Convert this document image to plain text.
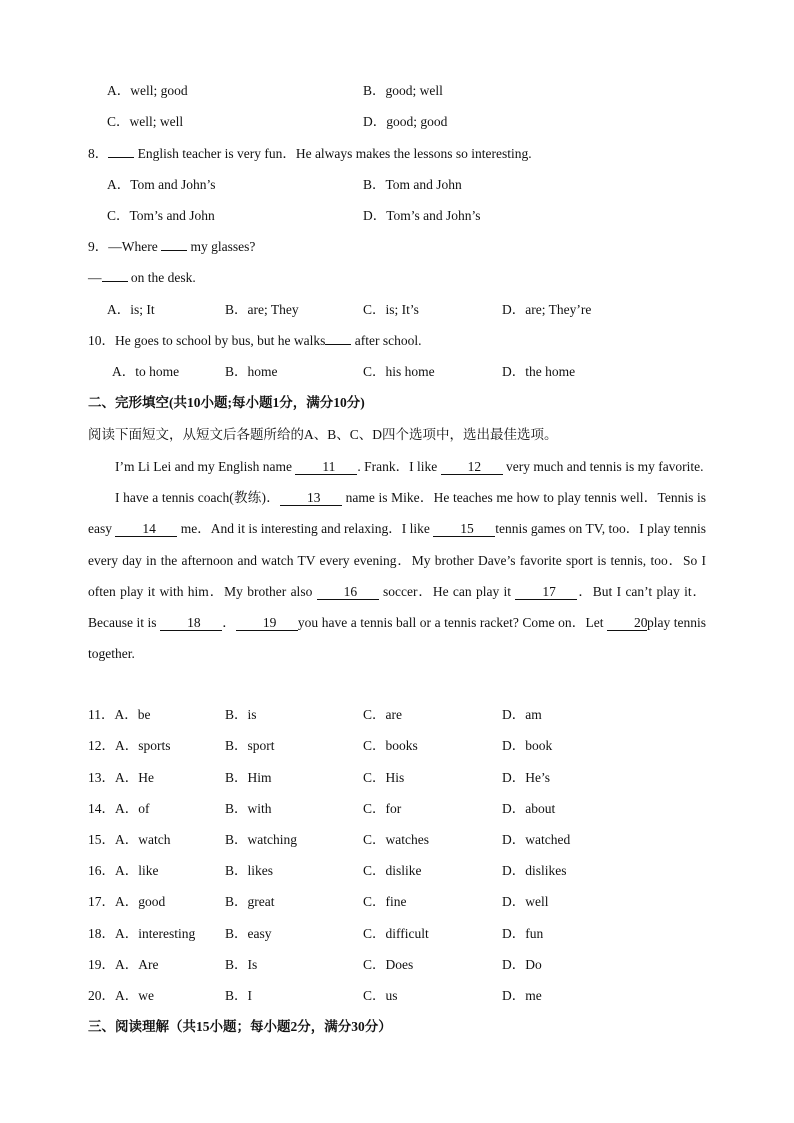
A．well; good	B．good; well
C．well; well	D．good; good
8． English teacher is very fun．He always makes the lessons so interesting.
A．Tom and John’s	B．Tom and John
C．Tom’s and John	D．Tom’s and John’s
9．—Where  my glasses?
— on the desk.
A．is; It	B．are; They	C．is; It’s	D．are; They’re
10．He goes to school by bus, but he walks after school.
A．to home	B．home	C．his home	D．the home
二、完形填空(共10小题;每小题1分，满分10分)
阅读下面短文，从短文后各题所给的A、B、C、D四个选项中，选出最佳选项。

I’m Li Lei and my English name 11 . Frank．I like 12 very much and tennis is my favorite.

I have a tennis coach(教练)． 13 name is Mike．He teaches me how to play tennis well．Tennis is easy 14 me．And it is interesting and relaxing．I like 15 tennis games on TV, too．I play tennis every day in the afternoon and watch TV every evening．My brother Dave’s favorite sport is tennis, too．So I often play it with him．My brother also 16 soccer．He can play it 17 ．But I can’t play it．Because it is 18 ． 19 you have a tennis ball or a tennis racket? Come on．Let 20play tennis together.

11．A．be	B．is	C．are	D．am
12．A．sports	B．sport	C．books	D．book
13．A．He	B．Him	C．His	D．He’s
14．A．of	B．with	C．for	D．about
15．A．watch	B．watching	C．watches	D．watched
16．A．like	B．likes	C．dislike	D．dislikes
17．A．good	B．great	C．fine	D．well
18．A．interesting B．easy	C．difficult	D．fun
19．A．Are	B．Is	C．Does	D．Do
20．A．we	B．I	C．us	D．me
三、阅读理解（共15小题；每小题2分，满分30分）
